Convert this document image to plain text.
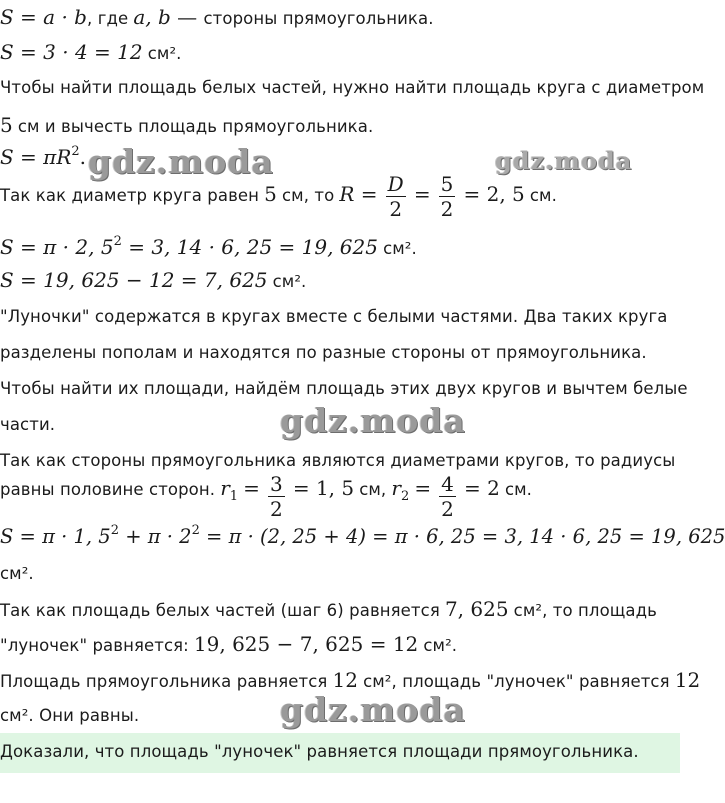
S = a · b, где a, b — стороны прямоугольника.
S = 3 · 4 = 12 см².
Чтобы найти площадь белых частей, нужно найти площадь круга с диаметром
5 см и вычесть площадь прямоугольника.
$S = \pi R^2$.
Так как диаметр круга равен 5 см, то $R = \frac{D}{2} = \frac{5}{2} = 2$, 5 см.
S = π · 2, $5^2 = 3$, 14 · 6, 25 = 19, 625 см².
S = 19, 625 − 12 = 7, 625 см².
"Луночки" содержатся в кругах вместе с белыми частями. Два таких круга
разделены пополам и находятся по разные стороны от прямоугольника.
Чтобы найти их площади, найдём площадь этих двух кругов и вычтем белые
части.
Так как стороны прямоугольника являются диаметрами кругов, то радиусы
равны половине сторон. $r_1 = \frac{3}{2} = 1$, 5 см, $r_2 = \frac{4}{2} = 2$ см.
S = π · 1, $5^2 + \pi \cdot 2^2 = \pi \cdot (2$, 25 + 4) = π · 6, 25 = 3, 14 · 6, 25 = 19, 625
см².
Так как площадь белых частей (шаг 6) равняется 7, 625 см², то площадь
"луночек" равняется: 19, 625 − 7, 625 = 12 см².
Площадь прямоугольника равняется 12 см², площадь "луночек" равняется 12
см². Они равны.
Доказали, что площадь "луночек" равняется площади прямоугольника.
gdz.moda	gdz.moda
gdz.moda
gdz.moda
